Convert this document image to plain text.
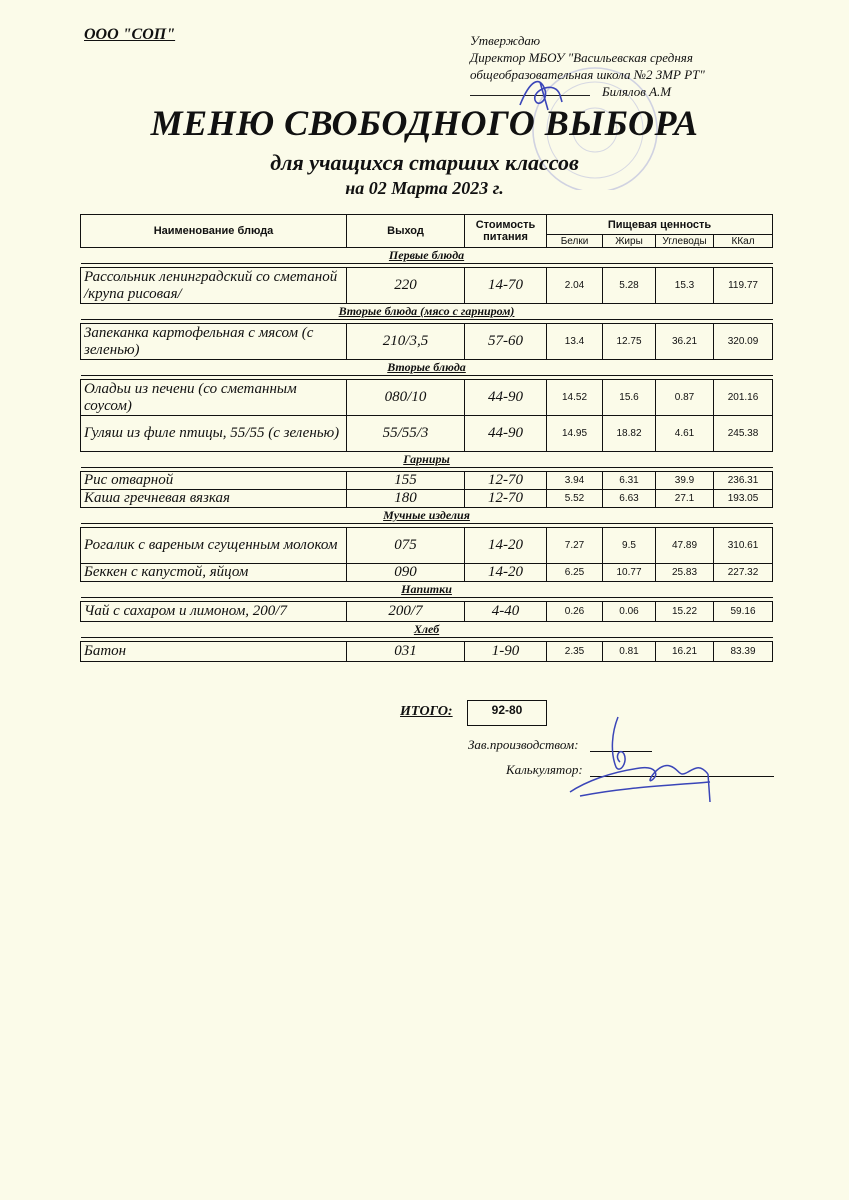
ООО "СОП"	Утверждаю
Директор МБОУ "Васильевская средняя
общеобразовательная школа №2 ЗМР РТ"
Билялов А.М
МЕНЮ СВОБОДНОГО ВЫБОРА
для учащихся старших классов
на 02 Марта 2023 г.
Наименование блюда	Выход	Стоимость питания	Пищевая ценность			
			Белки	Жиры	Углеводы	ККал
Первые блюда						

Рассольник ленинградский со сметаной /крупа рисовая/	220	14-70	2.04	5.28	15.3	119.77
Вторые блюда (мясо с гарниром)						

Запеканка картофельная с мясом (с зеленью)	210/3,5	57-60	13.4	12.75	36.21	320.09
Вторые блюда						

Оладьи из печени (со сметанным соусом)	080/10	44-90	14.52	15.6	0.87	201.16
Гуляш из филе птицы, 55/55 (с зеленью)	55/55/3	44-90	14.95	18.82	4.61	245.38
Гарниры						

Рис отварной	155	12-70	3.94	6.31	39.9	236.31
Каша гречневая вязкая	180	12-70	5.52	6.63	27.1	193.05
Мучные изделия						

Рогалик с вареным сгущенным молоком	075	14-20	7.27	9.5	47.89	310.61
Беккен с капустой, яйцом	090	14-20	6.25	10.77	25.83	227.32
Напитки						

Чай с сахаром и лимоном, 200/7	200/7	4-40	0.26	0.06	15.22	59.16
Хлеб						

Батон	031	1-90	2.35	0.81	16.21	83.39
ИТОГО:	92-80
Зав.производством:
Калькулятор:
